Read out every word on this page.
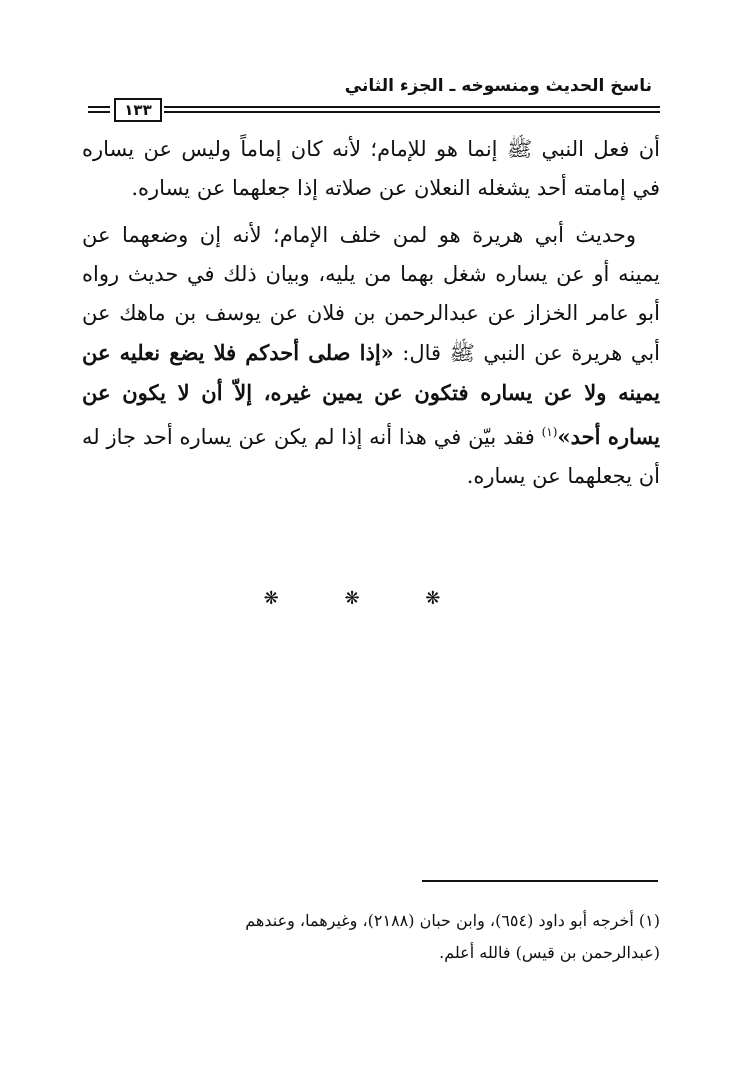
ناسخ الحديث ومنسوخه ـ الجزء الثاني
١٣٣

أن فعل النبي ﷺ إنما هو للإمام؛ لأنه كان إماماً وليس عن يساره في إمامته أحد يشغله النعلان عن صلاته إذا جعلهما عن يساره.

وحديث أبي هريرة هو لمن خلف الإمام؛ لأنه إن وضعهما عن يمينه أو عن يساره شغل بهما من يليه، وبيان ذلك في حديث رواه أبو عامر الخزاز عن عبدالرحمن بن فلان عن يوسف بن ماهك عن أبي هريرة عن النبي ﷺ قال: «إذا صلى أحدكم فلا يضع نعليه عن يمينه ولا عن يساره فتكون عن يمين غيره، إلاّ أن لا يكون عن يساره أحد»$^{(١)}$ فقد بيّن في هذا أنه إذا لم يكن عن يساره أحد جاز له أن يجعلهما عن يساره.

❋ ❋ ❋

(١) أخرجه أبو داود (٦٥٤)، وابن حبان (٢١٨٨)، وغيرهما، وعندهم

(عبدالرحمن بن قيس) فالله أعلم.
